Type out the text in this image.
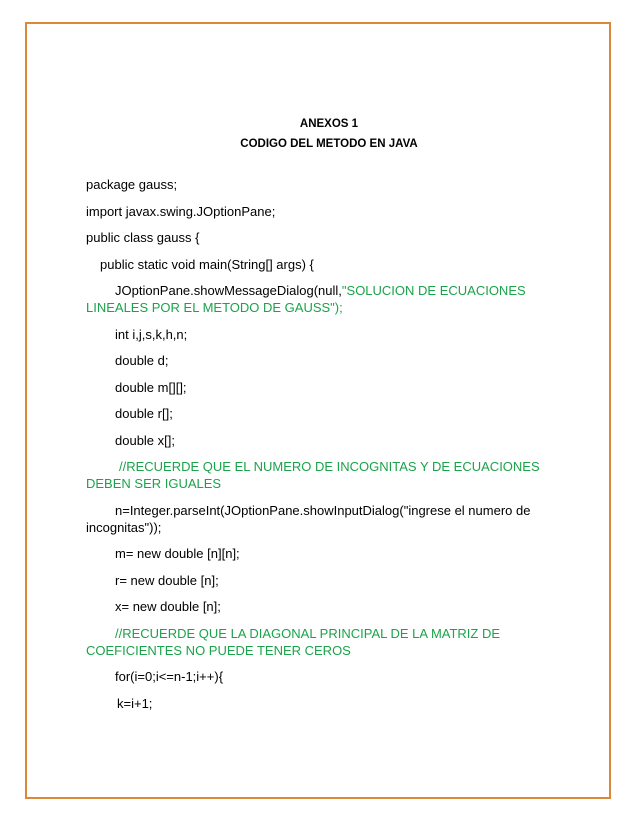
ANEXOS 1
CODIGO DEL METODO EN JAVA

package gauss;

import javax.swing.JOptionPane;

public class gauss {

public static void main(String[] args) {

JOptionPane.showMessageDialog(null,"SOLUCION DE ECUACIONES LINEALES POR EL METODO DE GAUSS");

int i,j,s,k,h,n;

double d;

double m[][];

double r[];

double x[];

//RECUERDE QUE EL NUMERO DE INCOGNITAS Y DE ECUACIONES DEBEN SER IGUALES

n=Integer.parseInt(JOptionPane.showInputDialog("ingrese el numero de incognitas"));

m= new double [n][n];

r= new double [n];

x= new double [n];

//RECUERDE QUE LA DIAGONAL PRINCIPAL DE LA MATRIZ DE COEFICIENTES NO PUEDE TENER CEROS

for(i=0;i<=n-1;i++){

k=i+1;
